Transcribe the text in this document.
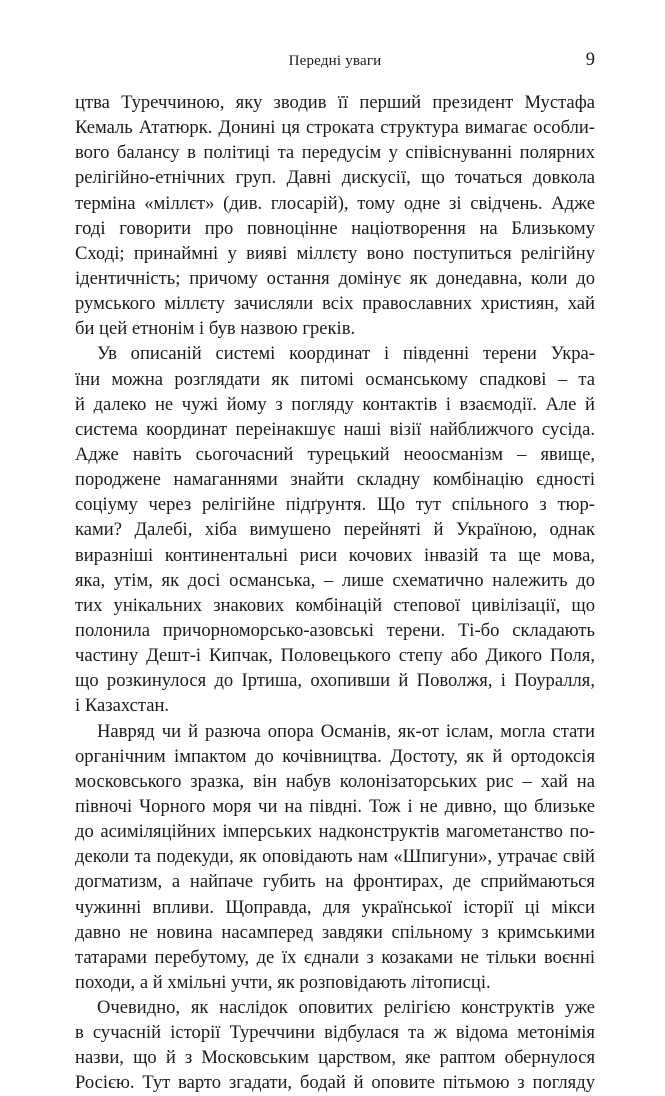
Передні уваги	9
цтва Туреччиною, яку зводив її перший президент Мустафа
Кемаль Ататюрк. Донині ця строката структура вимагає особли-
вого балансу в політиці та передусім у співіснуванні полярних
релігійно-етнічних груп. Давні дискусії, що точаться довкола
терміна «міллєт» (див. глосарій), тому одне зі свідчень. Адже
годі говорити про повноцінне націотворення на Близькому
Сході; принаймні у вияві міллєту воно поступиться релігійну
ідентичність; причому остання домінує як донедавна, коли до
румського міллєту зачисляли всіх православних християн, хай
би цей етнонім і був назвою греків.
Ув описаній системі координат і південні терени Укра-
їни можна розглядати як питомі османському спадкові – та
й далеко не чужі йому з погляду контактів і взаємодії. Але й
система координат переінакшує наші візії найближчого сусіда.
Адже навіть сьогочасний турецький неоосманізм – явище,
породжене намаганнями знайти складну комбінацію єдності
соціуму через релігійне підґрунтя. Що тут спільного з тюр-
ками? Далебі, хіба вимушено перейняті й Україною, однак
виразніші континентальні риси кочових інвазій та ще мова,
яка, утім, як досі османська, – лише схематично належить до
тих унікальних знакових комбінацій степової цивілізації, що
полонила причорноморсько-азовські терени. Ті-бо складають
частину Дешт-і Кипчак, Половецького степу або Дикого Поля,
що розкинулося до Іртиша, охопивши й Поволжя, і Поуралля,
і Казахстан.
Навряд чи й разюча опора Османів, як-от іслам, могла стати
органічним імпактом до кочівництва. Достоту, як й ортодоксія
московського зразка, він набув колонізаторських рис – хай на
півночі Чорного моря чи на півдні. Тож і не дивно, що близьке
до асиміляційних імперських надконструктів магометанство по-
деколи та подекуди, як оповідають нам «Шпигуни», утрачає свій
догматизм, а найпаче губить на фронтирах, де сприймаються
чужинні впливи. Щоправда, для української історії ці мікси
давно не новина насамперед завдяки спільному з кримськими
татарами перебутому, де їх єднали з козаками не тільки воєнні
походи, а й хмільні учти, як розповідають літописці.
Очевидно, як наслідок оповитих релігією конструктів уже
в сучасній історії Туреччини відбулася та ж відома метонімія
назви, що й з Московським царством, яке раптом обернулося
Росією. Тут варто згадати, бодай й оповите пітьмою з погляду
